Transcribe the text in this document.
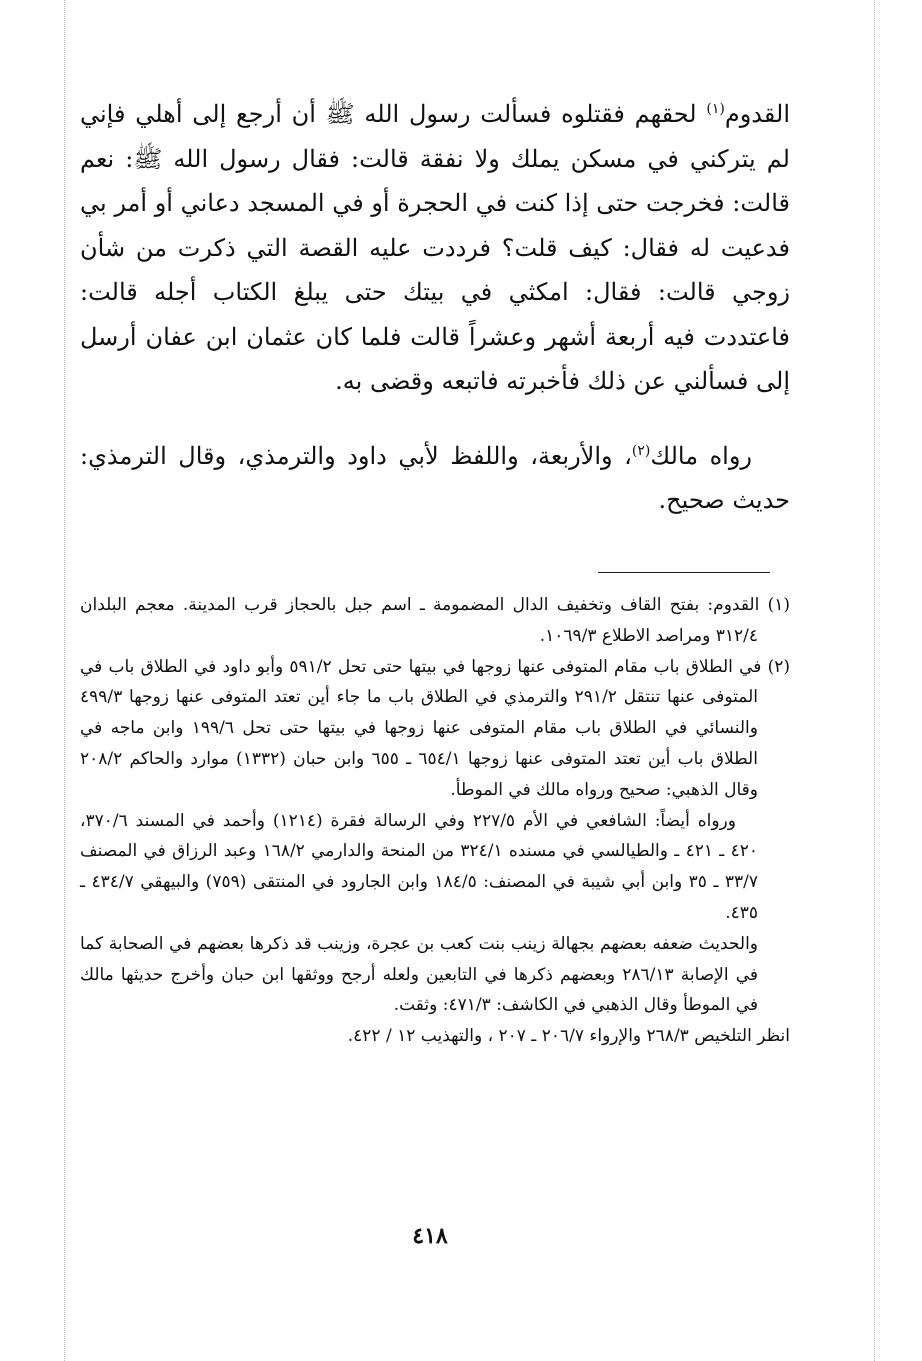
القدوم$^{(١)}$ لحقهم فقتلوه فسألت رسول الله ﷺ أن أرجع إلى أهلي فإني لم يتركني في مسكن يملك ولا نفقة قالت: فقال رسول الله ﷺ: نعم قالت: فخرجت حتى إذا كنت في الحجرة أو في المسجد دعاني أو أمر بي فدعيت له فقال: كيف قلت؟ فرددت عليه القصة التي ذكرت من شأن زوجي قالت: فقال: امكثي في بيتك حتى يبلغ الكتاب أجله قالت: فاعتددت فيه أربعة أشهر وعشراً قالت فلما كان عثمان ابن عفان أرسل إلى فسألني عن ذلك فأخبرته فاتبعه وقضى به.

رواه مالك$^{(٢)}$، والأربعة، واللفظ لأبي داود والترمذي، وقال الترمذي: حديث صحيح.

(١) القدوم: بفتح القاف وتخفيف الدال المضمومة ـ اسم جبل بالحجاز قرب المدينة. معجم البلدان ٣١٢/٤ ومراصد الاطلاع ١٠٦٩/٣.

(٢) في الطلاق باب مقام المتوفى عنها زوجها في بيتها حتى تحل ٥٩١/٢ وأبو داود في الطلاق باب في المتوفى عنها تنتقل ٢٩١/٢ والترمذي في الطلاق باب ما جاء أين تعتد المتوفى عنها زوجها ٤٩٩/٣ والنسائي في الطلاق باب مقام المتوفى عنها زوجها في بيتها حتى تحل ١٩٩/٦ وابن ماجه في الطلاق باب أين تعتد المتوفى عنها زوجها ٦٥٤/١ ـ ٦٥٥ وابن حبان (١٣٣٢) موارد والحاكم ٢٠٨/٢ وقال الذهبي: صحيح ورواه مالك في الموطأ.

ورواه أيضاً: الشافعي في الأم ٢٢٧/٥ وفي الرسالة فقرة (١٢١٤) وأحمد في المسند ٣٧٠/٦، ٤٢٠ ـ ٤٢١ ـ والطيالسي في مسنده ٣٢٤/١ من المنحة والدارمي ١٦٨/٢ وعبد الرزاق في المصنف ٣٣/٧ ـ ٣٥ وابن أبي شيبة في المصنف: ١٨٤/٥ وابن الجارود في المنتقى (٧٥٩) والبيهقي ٤٣٤/٧ ـ ٤٣٥.

والحديث ضعفه بعضهم بجهالة زينب بنت كعب بن عجرة، وزينب قد ذكرها بعضهم في الصحابة كما في الإصابة ٢٨٦/١٣ وبعضهم ذكرها في التابعين ولعله أرجح ووثقها ابن حبان وأخرج حديثها مالك في الموطأ وقال الذهبي في الكاشف: ٤٧١/٣: وثقت.

انظر التلخيص ٢٦٨/٣ والإرواء ٢٠٦/٧ ـ ٢٠٧ ، والتهذيب ١٢ / ٤٢٢.

٤١٨
